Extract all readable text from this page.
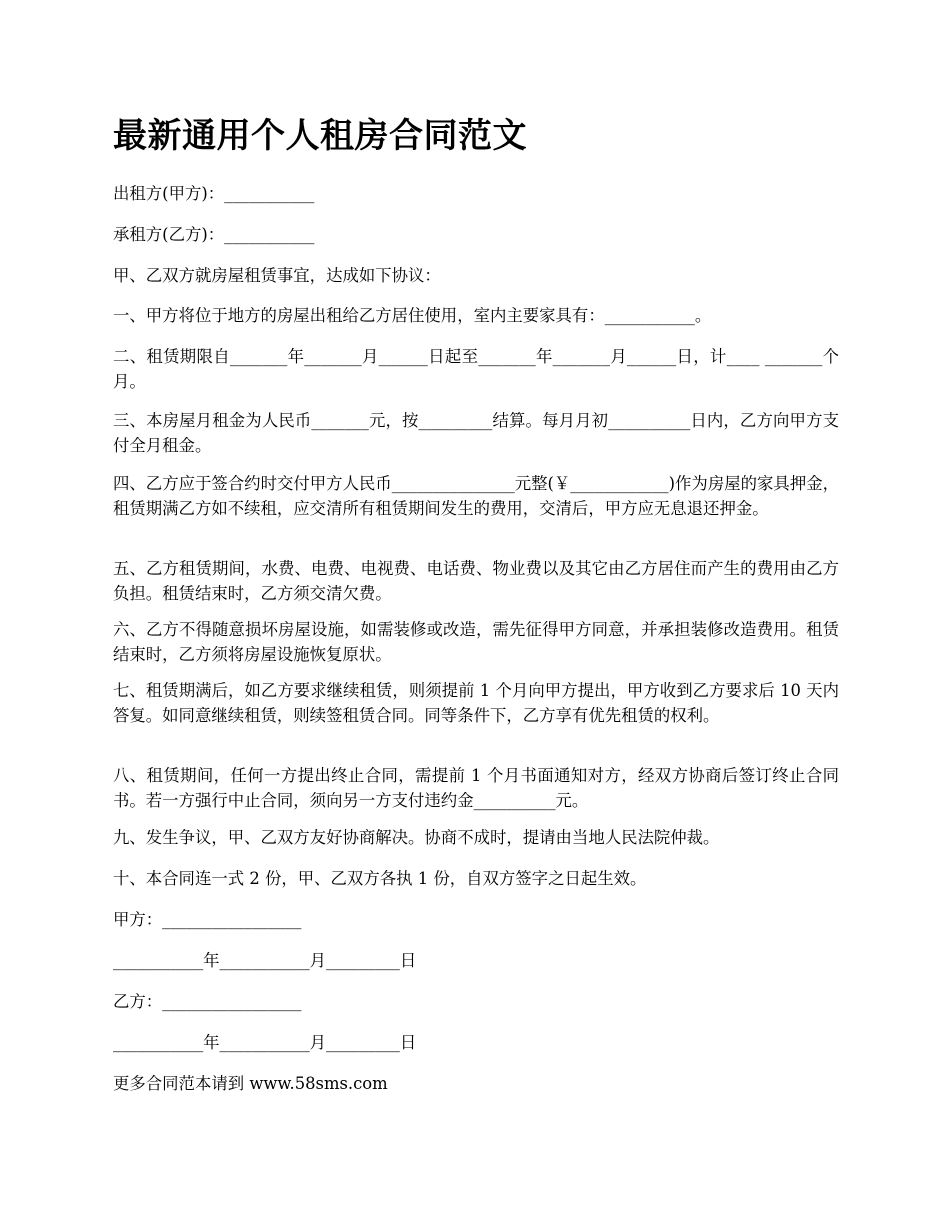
最新通用个人租房合同范文

出租方(甲方)：___________

承租方(乙方)：___________

甲、乙双方就房屋租赁事宜，达成如下协议：

一、甲方将位于地方的房屋出租给乙方居住使用，室内主要家具有：___________。

二、租赁期限自_______年_______月______日起至_______年_______月______日，计____ _______个月。

三、本房屋月租金为人民币_______元，按_________结算。每月月初__________日内，乙方向甲方支付全月租金。

四、乙方应于签合约时交付甲方人民币_______________元整(￥____________)作为房屋的家具押金，租赁期满乙方如不续租，应交清所有租赁期间发生的费用，交清后，甲方应无息退还押金。

五、乙方租赁期间，水费、电费、电视费、电话费、物业费以及其它由乙方居住而产生的费用由乙方负担。租赁结束时，乙方须交清欠费。

六、乙方不得随意损坏房屋设施，如需装修或改造，需先征得甲方同意，并承担装修改造费用。租赁结束时，乙方须将房屋设施恢复原状。

七、租赁期满后，如乙方要求继续租赁，则须提前 1 个月向甲方提出，甲方收到乙方要求后 10 天内答复。如同意继续租赁，则续签租赁合同。同等条件下，乙方享有优先租赁的权利。

八、租赁期间，任何一方提出终止合同，需提前 1 个月书面通知对方，经双方协商后签订终止合同书。若一方强行中止合同，须向另一方支付违约金__________元。

九、发生争议，甲、乙双方友好协商解决。协商不成时，提请由当地人民法院仲裁。

十、本合同连一式 2 份，甲、乙双方各执 1 份，自双方签字之日起生效。

甲方：_________________

___________年___________月_________日

乙方：_________________

___________年___________月_________日

更多合同范本请到 www.58sms.com
